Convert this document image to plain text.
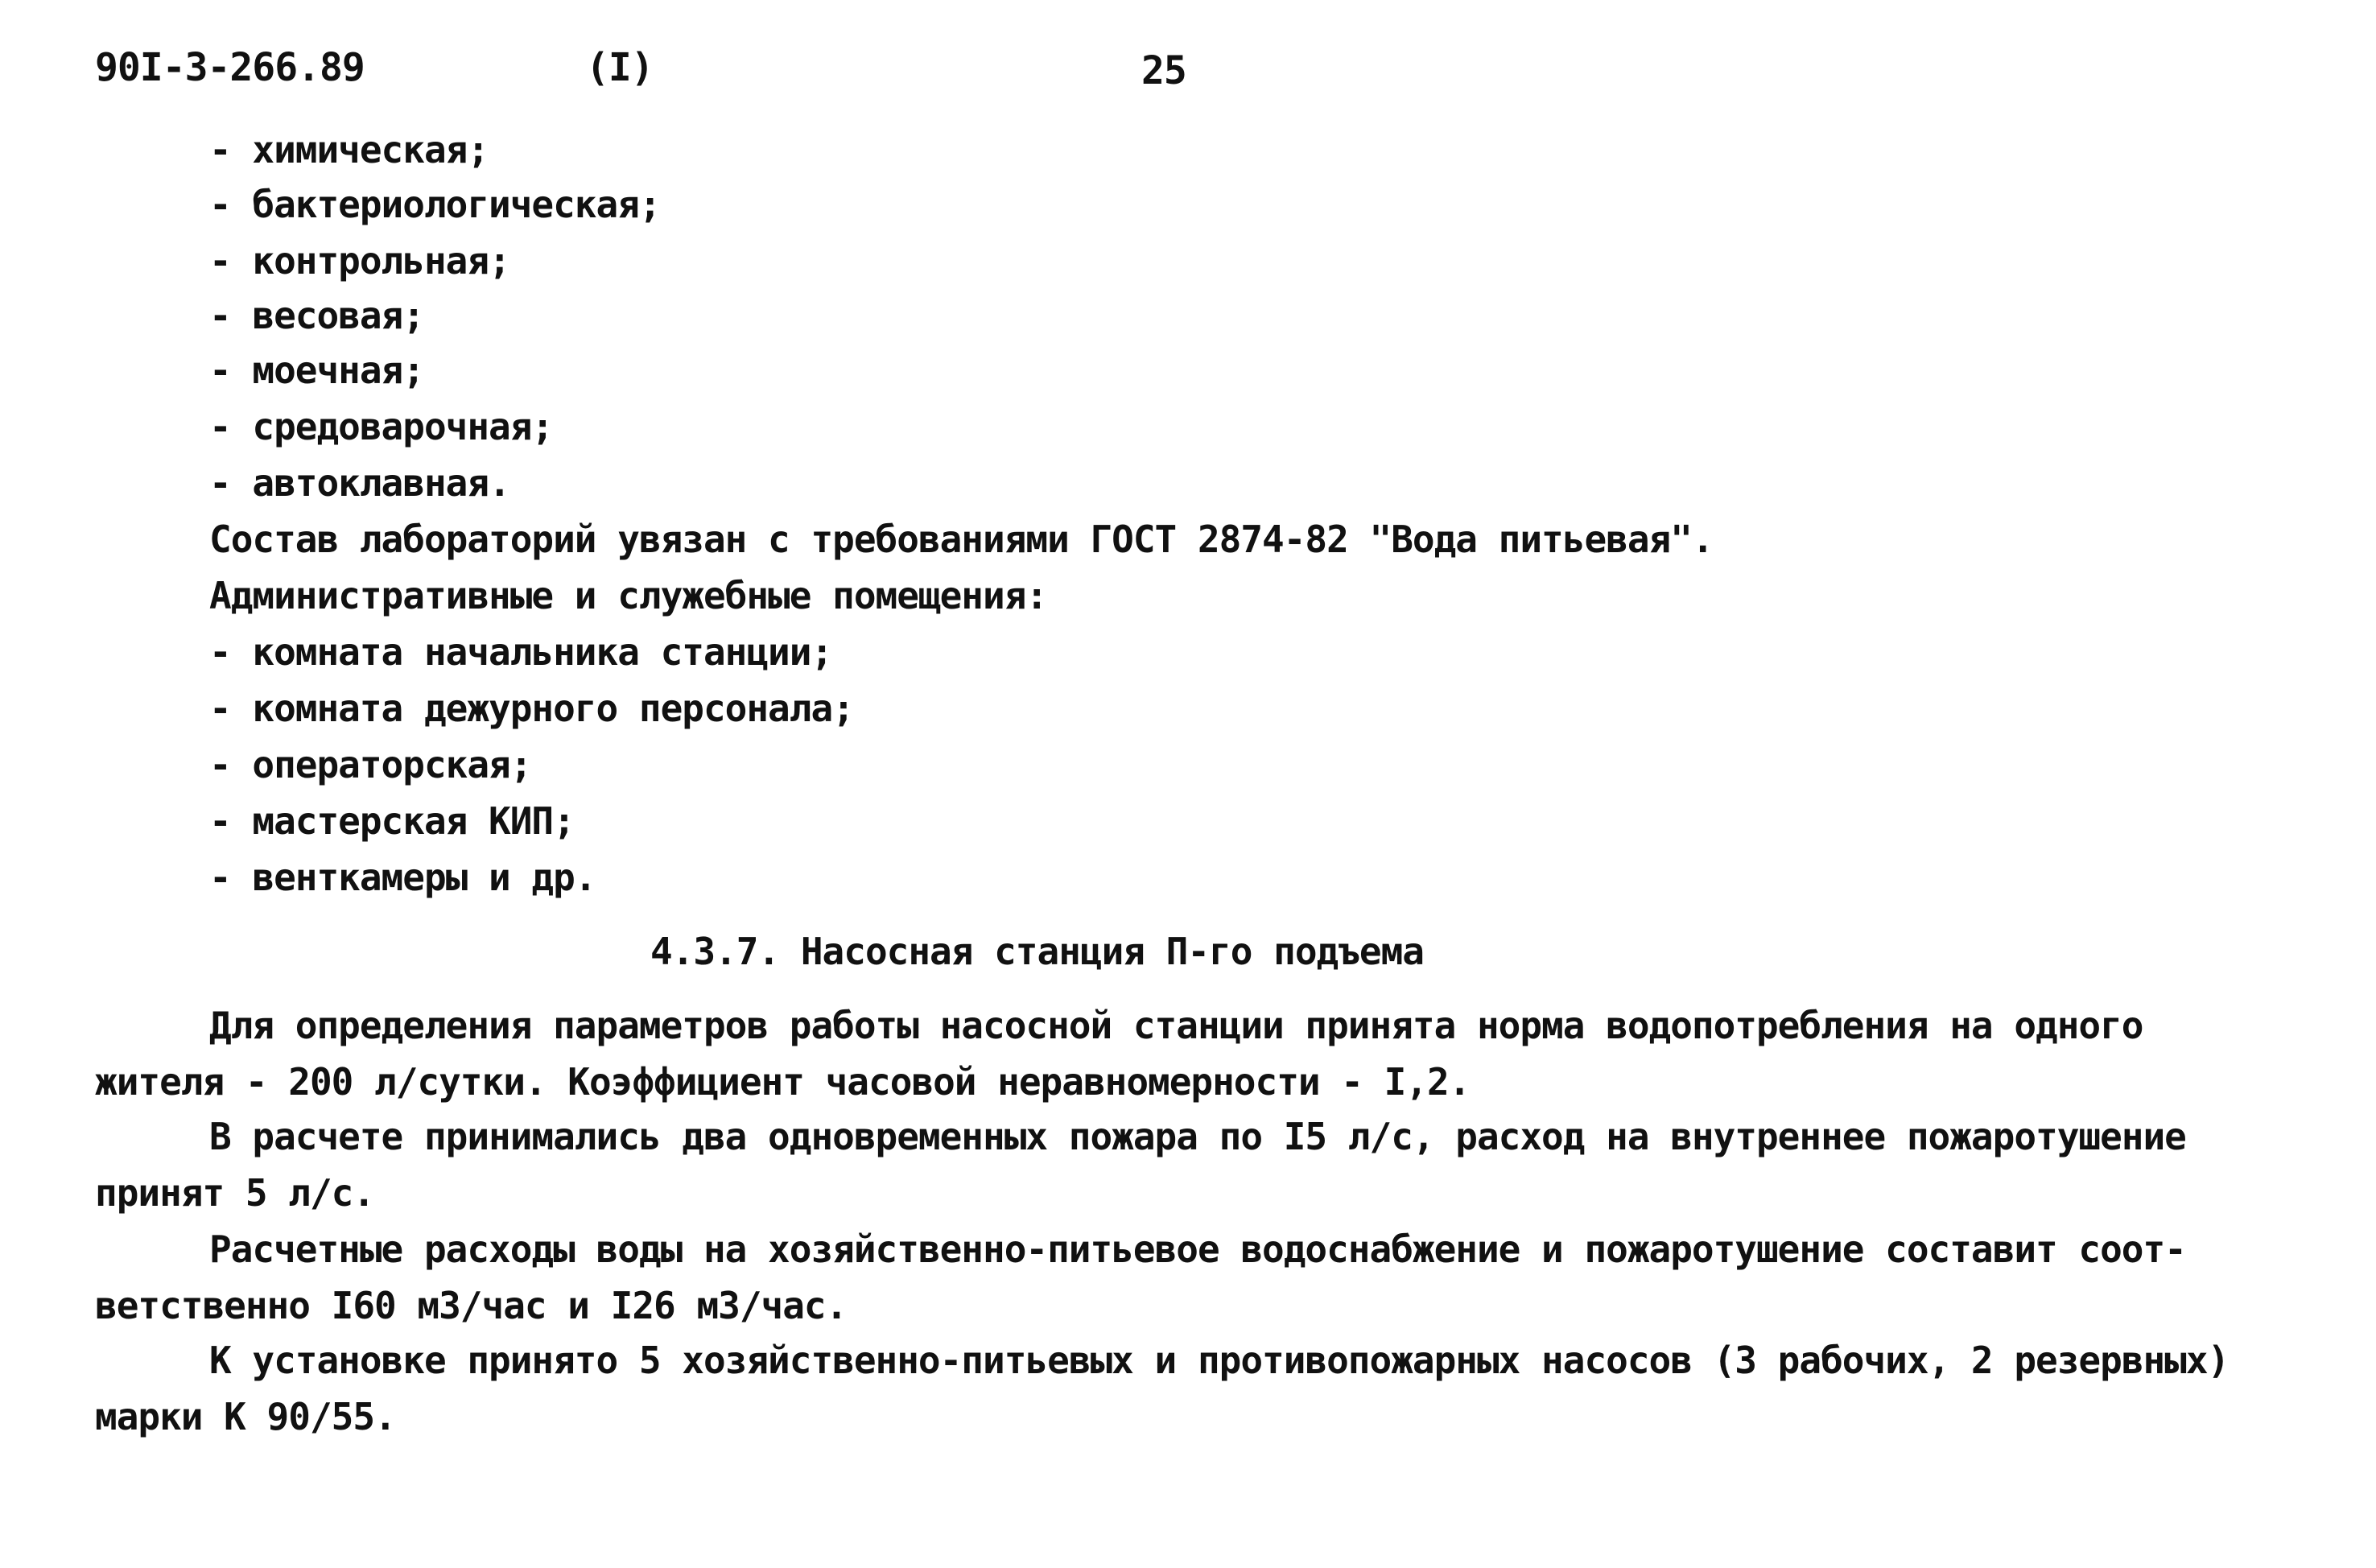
90I-3-266.89	(I)	25
- химическая;
- бактериологическая;
- контрольная;
- весовая;
- моечная;
- средоварочная;
- автоклавная.
Состав лабораторий увязан с требованиями ГОСТ 2874-82 "Вода питьевая".
Административные и служебные помещения:
- комната начальника станции;
- комната дежурного персонала;
- операторская;
- мастерская КИП;
- венткамеры и др.
4.3.7. Насосная станция П-го подъема
Для определения параметров работы насосной станции принята норма водопотребления на одного
жителя - 200 л/сутки. Коэффициент часовой неравномерности - I,2.
В расчете принимались два одновременных пожара по I5 л/с, расход на внутреннее пожаротушение
принят 5 л/с.
Расчетные расходы воды на хозяйственно-питьевое водоснабжение и пожаротушение составит соот-
ветственно I60 м3/час и I26 м3/час.
К установке принято 5 хозяйственно-питьевых и противопожарных насосов (3 рабочих, 2 резервных)
марки К 90/55.
